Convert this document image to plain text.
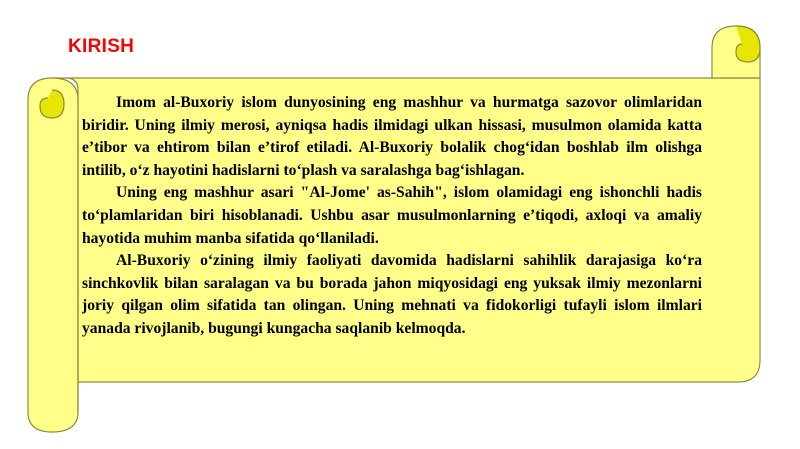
KIRISH

Imom al-Buxoriy islom dunyosining eng mashhur va hurmatga sazovor olimlaridan biridir. Uning ilmiy merosi, ayniqsa hadis ilmidagi ulkan hissasi, musulmon olamida katta e’tibor va ehtirom bilan e’tirof etiladi. Al-Buxoriy bolalik chog‘idan boshlab ilm olishga intilib, o‘z hayotini hadislarni to‘plash va saralashga bag‘ishlagan.

Uning eng mashhur asari "Al-Jome' as-Sahih", islom olamidagi eng ishonchli hadis to‘plamlaridan biri hisoblanadi. Ushbu asar musulmonlarning e’tiqodi, axloqi va amaliy hayotida muhim manba sifatida qo‘llaniladi.

Al-Buxoriy o‘zining ilmiy faoliyati davomida hadislarni sahihlik darajasiga ko‘ra sinchkovlik bilan saralagan va bu borada jahon miqyosidagi eng yuksak ilmiy mezonlarni joriy qilgan olim sifatida tan olingan. Uning mehnati va fidokorligi tufayli islom ilmlari yanada rivojlanib, bugungi kungacha saqlanib kelmoqda.
